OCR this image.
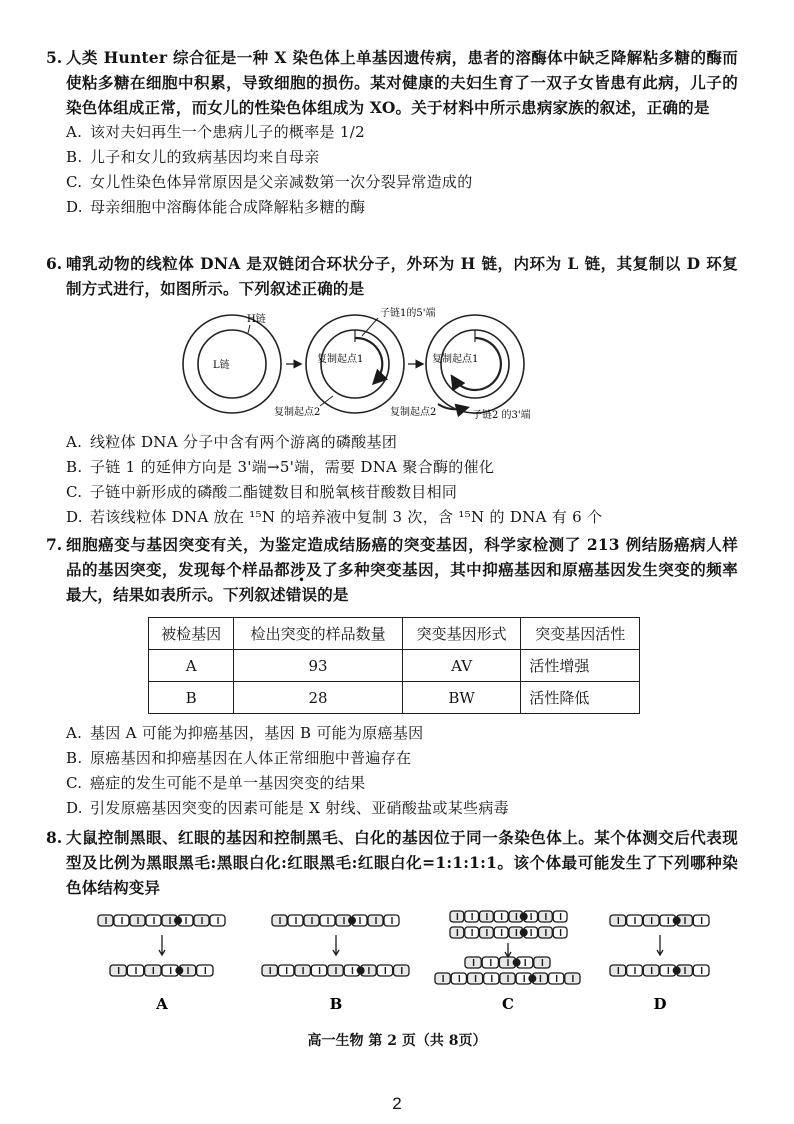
5. 人类 Hunter 综合征是一种 X 染色体上单基因遗传病，患者的溶酶体中缺乏降解粘多糖的酶而使粘多糖在细胞中积累，导致细胞的损伤。某对健康的夫妇生育了一双子女皆患有此病，儿子的染色体组成正常，而女儿的性染色体组成为 XO。关于材料中所示患病家族的叙述，正确的是
A. 该对夫妇再生一个患病儿子的概率是 1/2
B. 儿子和女儿的致病基因均来自母亲
C. 女儿性染色体异常原因是父亲减数第一次分裂异常造成的
D. 母亲细胞中溶酶体能合成降解粘多糖的酶
6. 哺乳动物的线粒体 DNA 是双链闭合环状分子，外环为 H 链，内环为 L 链，其复制以 D 环复制方式进行，如图所示。下列叙述正确的是
H链
L链
复制起点1
子链1的5'端
复制起点2
复制起点1
复制起点2	子链2 的3'端
A. 线粒体 DNA 分子中含有两个游离的磷酸基团
B. 子链 1 的延伸方向是 3'端→5'端，需要 DNA 聚合酶的催化
C. 子链中新形成的磷酸二酯键数目和脱氧核苷酸数目相同
D. 若该线粒体 DNA 放在 ¹⁵N 的培养液中复制 3 次，含 ¹⁵N 的 DNA 有 6 个
7. 细胞癌变与基因突变有关，为鉴定造成结肠癌的突变基因，科学家检测了 213 例结肠癌病人样品的基因突变，发现每个样品都涉及了多种突变基因，其中抑癌基因和原癌基因发生突变的频率最大，结果如表所示。下列叙述错误的是
被检基因	检出突变的样品数量	突变基因形式	突变基因活性
A	93	AV	活性增强
B	28	BW	活性降低
A. 基因 A 可能为抑癌基因，基因 B 可能为原癌基因
B. 原癌基因和抑癌基因在人体正常细胞中普遍存在
C. 癌症的发生可能不是单一基因突变的结果
D. 引发原癌基因突变的因素可能是 X 射线、亚硝酸盐或某些病毒
8. 大鼠控制黑眼、红眼的基因和控制黑毛、白化的基因位于同一条染色体上。某个体测交后代表现型及比例为黑眼黑毛:黑眼白化:红眼黑毛:红眼白化=1:1:1:1。该个体最可能发生了下列哪种染色体结构变异
A	B	C	D
高一生物 第 2 页（共 8页）
2
